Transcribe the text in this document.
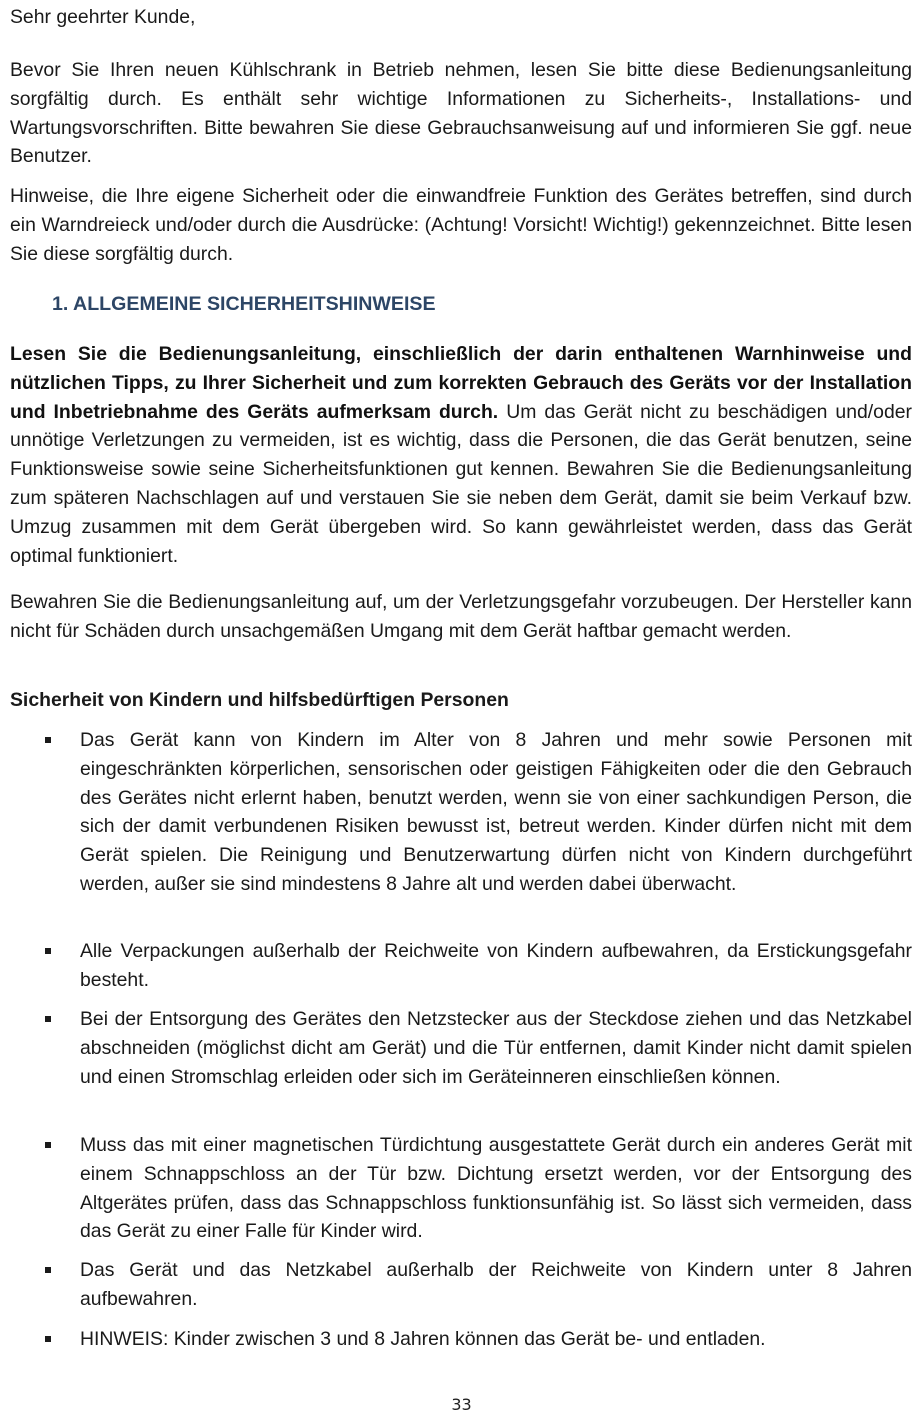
Sehr geehrter Kunde,

Bevor Sie Ihren neuen Kühlschrank in Betrieb nehmen, lesen Sie bitte diese Bedienungsanleitung sorgfältig durch. Es enthält sehr wichtige Informationen zu Sicherheits-, Installations- und Wartungsvorschriften. Bitte bewahren Sie diese Gebrauchsanweisung auf und informieren Sie ggf. neue Benutzer.

Hinweise, die Ihre eigene Sicherheit oder die einwandfreie Funktion des Gerätes betreffen, sind durch ein Warndreieck und/oder durch die Ausdrücke: (Achtung! Vorsicht! Wichtig!) gekennzeichnet. Bitte lesen Sie diese sorgfältig durch.

1. ALLGEMEINE SICHERHEITSHINWEISE

Lesen Sie die Bedienungsanleitung, einschließlich der darin enthaltenen Warnhinweise und nützlichen Tipps, zu Ihrer Sicherheit und zum korrekten Gebrauch des Geräts vor der Installation und Inbetriebnahme des Geräts aufmerksam durch. Um das Gerät nicht zu beschädigen und/oder unnötige Verletzungen zu vermeiden, ist es wichtig, dass die Personen, die das Gerät benutzen, seine Funktionsweise sowie seine Sicherheitsfunktionen gut kennen. Bewahren Sie die Bedienungsanleitung zum späteren Nachschlagen auf und verstauen Sie sie neben dem Gerät, damit sie beim Verkauf bzw. Umzug zusammen mit dem Gerät übergeben wird. So kann gewährleistet werden, dass das Gerät optimal funktioniert.

Bewahren Sie die Bedienungsanleitung auf, um der Verletzungsgefahr vorzubeugen. Der Hersteller kann nicht für Schäden durch unsachgemäßen Umgang mit dem Gerät haftbar gemacht werden.

Sicherheit von Kindern und hilfsbedürftigen Personen
Das Gerät kann von Kindern im Alter von 8 Jahren und mehr sowie Personen mit eingeschränkten körperlichen, sensorischen oder geistigen Fähigkeiten oder die den Gebrauch des Gerätes nicht erlernt haben, benutzt werden, wenn sie von einer sachkundigen Person, die sich der damit verbundenen Risiken bewusst ist, betreut werden. Kinder dürfen nicht mit dem Gerät spielen. Die Reinigung und Benutzerwartung dürfen nicht von Kindern durchgeführt werden, außer sie sind mindestens 8 Jahre alt und werden dabei überwacht.
Alle Verpackungen außerhalb der Reichweite von Kindern aufbewahren, da Erstickungsgefahr besteht.
Bei der Entsorgung des Gerätes den Netzstecker aus der Steckdose ziehen und das Netzkabel abschneiden (möglichst dicht am Gerät) und die Tür entfernen, damit Kinder nicht damit spielen und einen Stromschlag erleiden oder sich im Geräteinneren einschließen können.
Muss das mit einer magnetischen Türdichtung ausgestattete Gerät durch ein anderes Gerät mit einem Schnappschloss an der Tür bzw. Dichtung ersetzt werden, vor der Entsorgung des Altgerätes prüfen, dass das Schnappschloss funktionsunfähig ist. So lässt sich vermeiden, dass das Gerät zu einer Falle für Kinder wird.
Das Gerät und das Netzkabel außerhalb der Reichweite von Kindern unter 8 Jahren aufbewahren.
HINWEIS: Kinder zwischen 3 und 8 Jahren können das Gerät be- und entladen.
33
